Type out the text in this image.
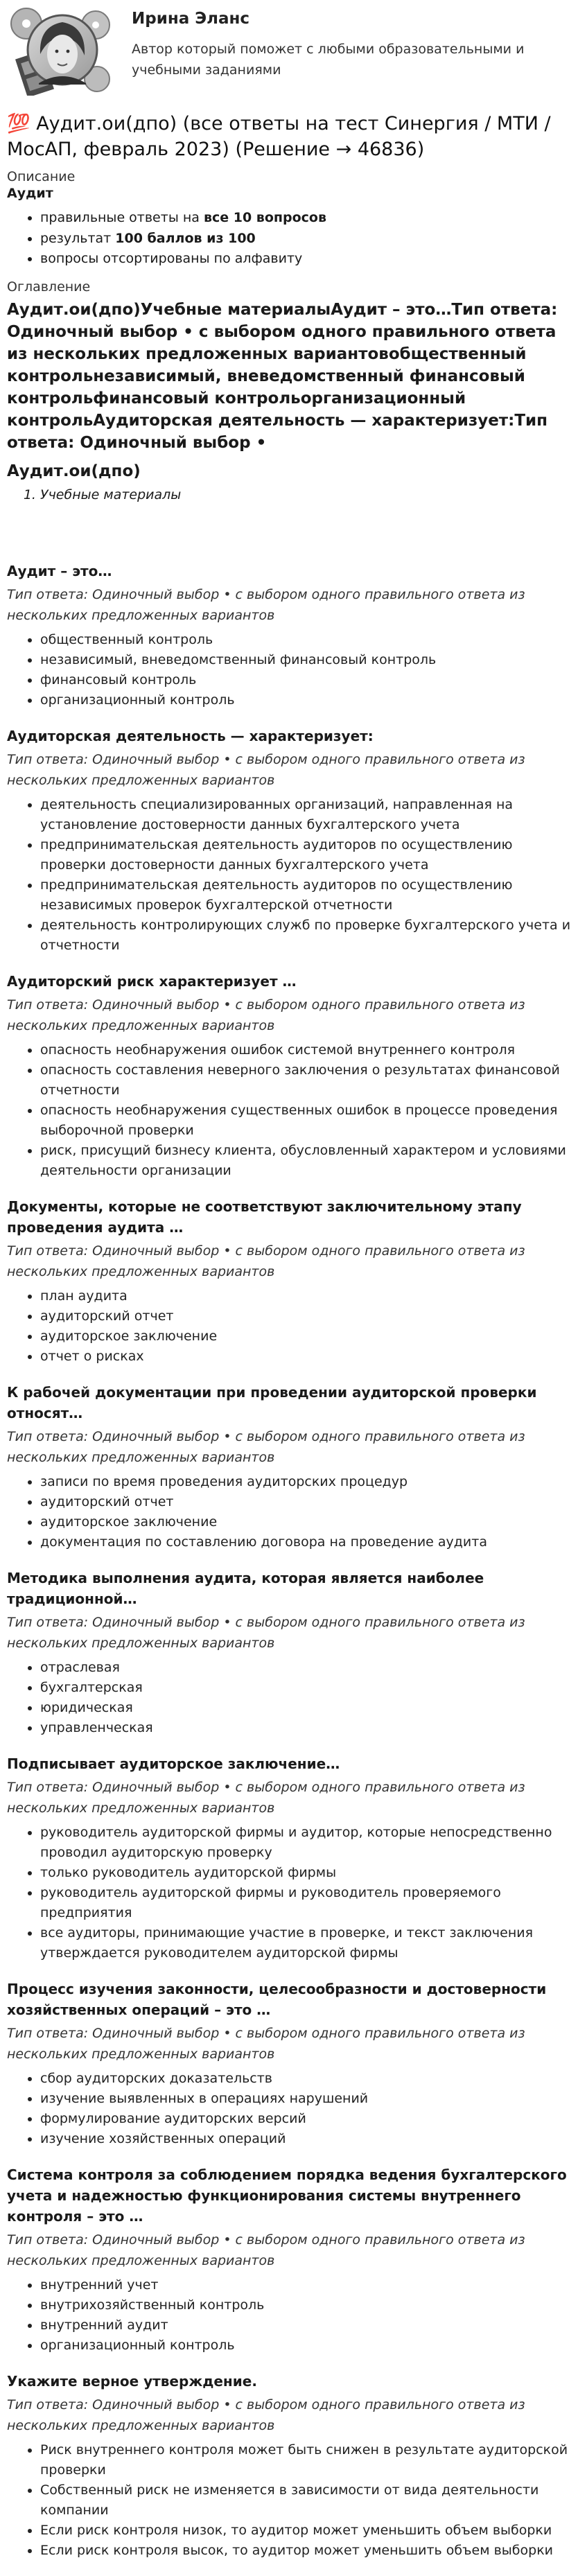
Ирина Эланс
Автор который поможет с любыми образовательными и учебными заданиями
💯 Аудит.ои(дпо) (все ответы на тест Синергия / МТИ / МосАП, февраль 2023) (Решение → 46836)
Описание
Аудит
• правильные ответы на все 10 вопросов
• результат 100 баллов из 100
• вопросы отсортированы по алфавиту
Оглавление
Аудит.ои(дпо)Учебные материалыАудит – это…Тип ответа: Одиночный выбор • с выбором одного правильного ответа из нескольких предложенных вариантовобщественный контрольнезависимый, вневедомственный финансовый контрольфинансовый контрольорганизационный контрольАудиторская деятельность — характеризует:Тип ответа: Одиночный выбор •
Аудит.ои(дпо)
1. Учебные материалы
Аудит – это…
Тип ответа: Одиночный выбор • с выбором одного правильного ответа из нескольких предложенных вариантов
• общественный контроль
• независимый, вневедомственный финансовый контроль
• финансовый контроль
• организационный контроль
Аудиторская деятельность — характеризует:
Тип ответа: Одиночный выбор • с выбором одного правильного ответа из нескольких предложенных вариантов
• деятельность специализированных организаций, направленная на установление достоверности данных бухгалтерского учета
• предпринимательская деятельность аудиторов по осуществлению проверки достоверности данных бухгалтерского учета
• предпринимательская деятельность аудиторов по осуществлению независимых проверок бухгалтерской отчетности
• деятельность контролирующих служб по проверке бухгалтерского учета и отчетности
Аудиторский риск характеризует …
Тип ответа: Одиночный выбор • с выбором одного правильного ответа из нескольких предложенных вариантов
• опасность необнаружения ошибок системой внутреннего контроля
• опасность составления неверного заключения о результатах финансовой отчетности
• опасность необнаружения существенных ошибок в процессе проведения выборочной проверки
• риск, присущий бизнесу клиента, обусловленный характером и условиями деятельности организации
Документы, которые не соответствуют заключительному этапу проведения аудита …
Тип ответа: Одиночный выбор • с выбором одного правильного ответа из нескольких предложенных вариантов
• план аудита
• аудиторский отчет
• аудиторское заключение
• отчет о рисках
К рабочей документации при проведении аудиторской проверки относят…
Тип ответа: Одиночный выбор • с выбором одного правильного ответа из нескольких предложенных вариантов
• записи по время проведения аудиторских процедур
• аудиторский отчет
• аудиторское заключение
• документация по составлению договора на проведение аудита
Методика выполнения аудита, которая является наиболее традиционной…
Тип ответа: Одиночный выбор • с выбором одного правильного ответа из нескольких предложенных вариантов
• отраслевая
• бухгалтерская
• юридическая
• управленческая
Подписывает аудиторское заключение…
Тип ответа: Одиночный выбор • с выбором одного правильного ответа из нескольких предложенных вариантов
• руководитель аудиторской фирмы и аудитор, которые непосредственно проводил аудиторскую проверку
• только руководитель аудиторской фирмы
• руководитель аудиторской фирмы и руководитель проверяемого предприятия
• все аудиторы, принимающие участие в проверке, и текст заключения утверждается руководителем аудиторской фирмы
Процесс изучения законности, целесообразности и достоверности хозяйственных операций – это …
Тип ответа: Одиночный выбор • с выбором одного правильного ответа из нескольких предложенных вариантов
• сбор аудиторских доказательств
• изучение выявленных в операциях нарушений
• формулирование аудиторских версий
• изучение хозяйственных операций
Система контроля за соблюдением порядка ведения бухгалтерского учета и надежностью функционирования системы внутреннего контроля – это …
Тип ответа: Одиночный выбор • с выбором одного правильного ответа из нескольких предложенных вариантов
• внутренний учет
• внутрихозяйственный контроль
• внутренний аудит
• организационный контроль
Укажите верное утверждение.
Тип ответа: Одиночный выбор • с выбором одного правильного ответа из нескольких предложенных вариантов
• Риск внутреннего контроля может быть снижен в результате аудиторской проверки
• Собственный риск не изменяется в зависимости от вида деятельности компании
• Если риск контроля низок, то аудитор может уменьшить объем выборки
• Если риск контроля высок, то аудитор может уменьшить объем выборки
